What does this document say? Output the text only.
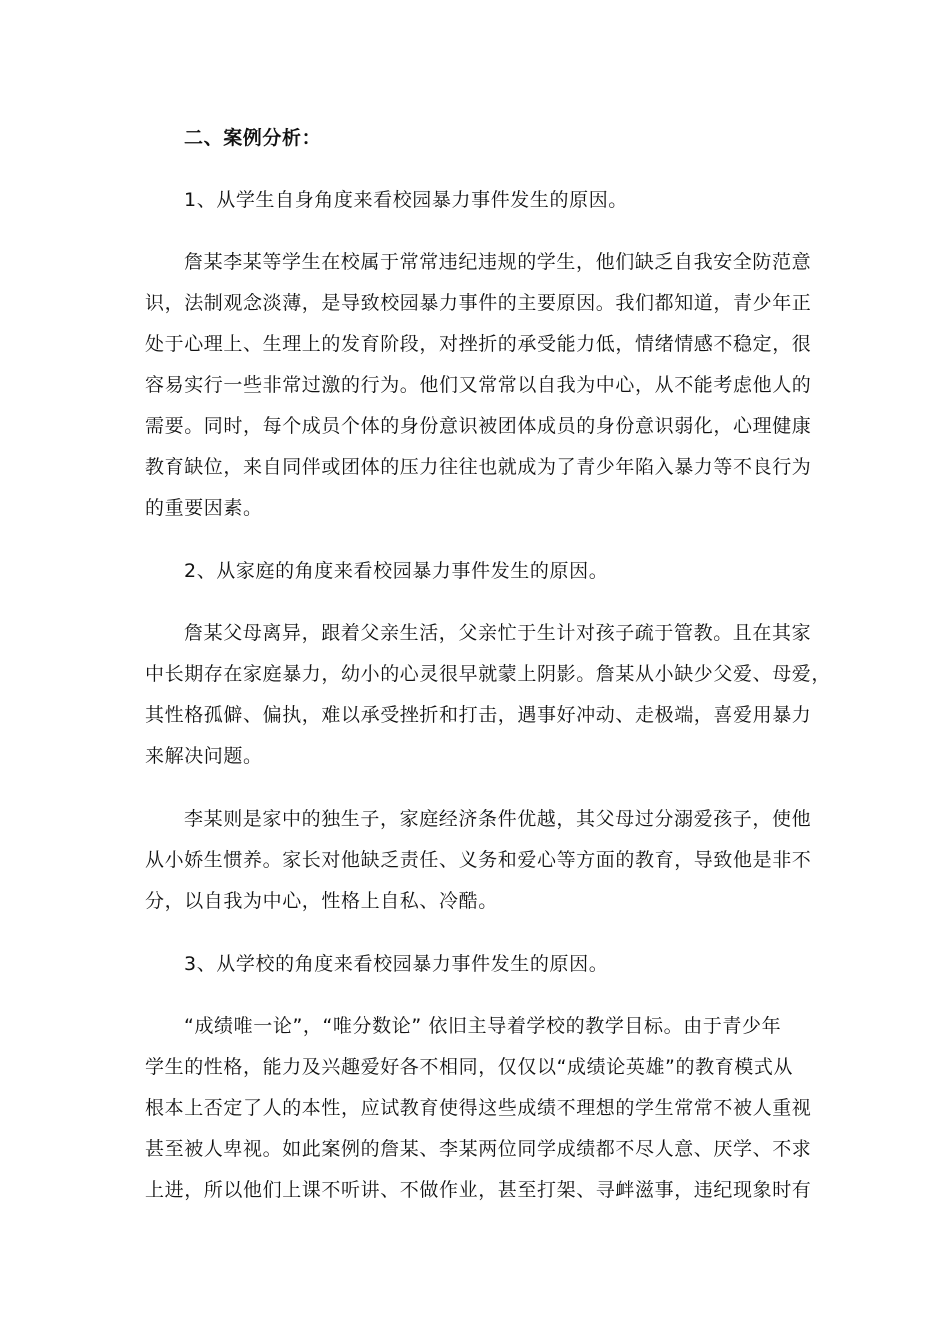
二、案例分析：

1、从学生自身角度来看校园暴力事件发生的原因。

詹某李某等学生在校属于常常违纪违规的学生，他们缺乏自我安全防范意
识，法制观念淡薄，是导致校园暴力事件的主要原因。我们都知道，青少年正
处于心理上、生理上的发育阶段，对挫折的承受能力低，情绪情感不稳定，很
容易实行一些非常过激的行为。他们又常常以自我为中心，从不能考虑他人的
需要。同时，每个成员个体的身份意识被团体成员的身份意识弱化，心理健康
教育缺位，来自同伴或团体的压力往往也就成为了青少年陷入暴力等不良行为
的重要因素。

2、从家庭的角度来看校园暴力事件发生的原因。

詹某父母离异，跟着父亲生活，父亲忙于生计对孩子疏于管教。且在其家
中长期存在家庭暴力，幼小的心灵很早就蒙上阴影。詹某从小缺少父爱、母爱，
其性格孤僻、偏执，难以承受挫折和打击，遇事好冲动、走极端，喜爱用暴力
来解决问题。
李某则是家中的独生子，家庭经济条件优越，其父母过分溺爱孩子，使他
从小娇生惯养。家长对他缺乏责任、义务和爱心等方面的教育，导致他是非不
分，以自我为中心，性格上自私、冷酷。

3、从学校的角度来看校园暴力事件发生的原因。

“成绩唯一论”，“唯分数论” 依旧主导着学校的教学目标。由于青少年
学生的性格，能力及兴趣爱好各不相同，仅仅以“成绩论英雄”的教育模式从
根本上否定了人的本性，应试教育使得这些成绩不理想的学生常常不被人重视
甚至被人卑视。如此案例的詹某、李某两位同学成绩都不尽人意、厌学、不求
上进，所以他们上课不听讲、不做作业，甚至打架、寻衅滋事，违纪现象时有
